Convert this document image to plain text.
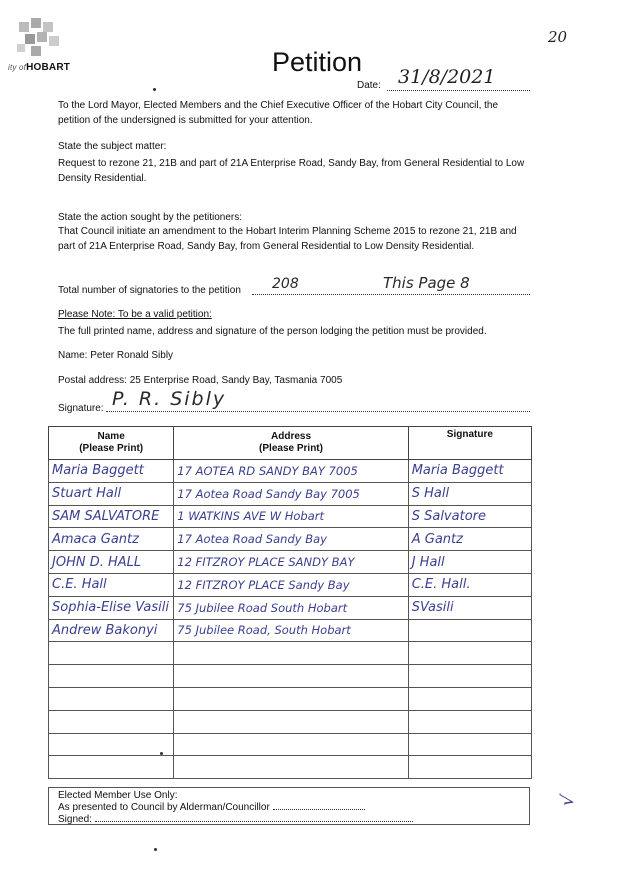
20
ity ofHOBART	Petition
Date: 31/8/2021
To the Lord Mayor, Elected Members and the Chief Executive Officer of the Hobart City Council, the petition of the undersigned is submitted for your attention.
State the subject matter:
Request to rezone 21, 21B and part of 21A Enterprise Road, Sandy Bay, from General Residential to Low Density Residential.
State the action sought by the petitioners:
That Council initiate an amendment to the Hobart Interim Planning Scheme 2015 to rezone 21, 21B and part of 21A Enterprise Road, Sandy Bay, from General Residential to Low Density Residential.
Total number of signatories to the petition 208	This Page 8
Please Note: To be a valid petition:
The full printed name, address and signature of the person lodging the petition must be provided.
Name: Peter Ronald Sibly
Postal address: 25 Enterprise Road, Sandy Bay, Tasmania 7005
Signature: P. R. Sibly
Name
(Please Print)	Address
(Please Print)	Signature
Maria Baggett	17 AOTEA RD SANDY BAY 7005	Maria Baggett
Stuart Hall	17 Aotea Road Sandy Bay 7005	S Hall
SAM SALVATORE	1 WATKINS AVE W Hobart	S Salvatore
Amaca Gantz	17 Aotea Road Sandy Bay	A Gantz
JOHN D. HALL	12 FITZROY PLACE SANDY BAY	J Hall
C.E. Hall	12 FITZROY PLACE Sandy Bay	C.E. Hall.
Sophia-Elise Vasili	75 Jubilee Road South Hobart	SVasili
Andrew Bakonyi	75 Jubilee Road, South Hobart	

Elected Member Use Only:
As presented to Council by Alderman/Councillor
Signed:
√
